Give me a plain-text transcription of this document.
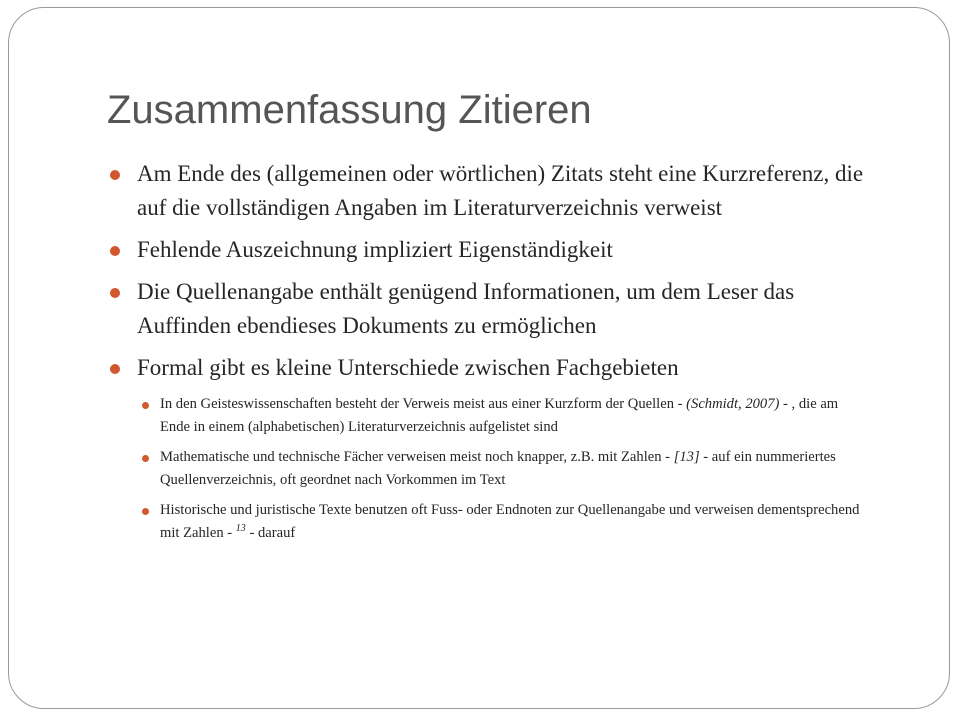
Zusammenfassung Zitieren
Am Ende des (allgemeinen oder wörtlichen) Zitats steht eine Kurzreferenz, die auf die vollständigen Angaben im Literaturverzeichnis verweist
Fehlende Auszeichnung impliziert Eigenständigkeit
Die Quellenangabe enthält genügend Informationen, um dem Leser das Auffinden ebendieses Dokuments zu ermöglichen
Formal gibt es kleine Unterschiede zwischen Fachgebieten
In den Geisteswissenschaften besteht der Verweis meist aus einer Kurzform der Quellen - (Schmidt, 2007) - , die am Ende in einem (alphabetischen) Literaturverzeichnis aufgelistet sind
Mathematische und technische Fächer verweisen meist noch knapper, z.B. mit Zahlen - [13] - auf ein nummeriertes Quellenverzeichnis, oft geordnet nach Vorkommen im Text
Historische und juristische Texte benutzen oft Fuss- oder Endnoten zur Quellenangabe und verweisen dementsprechend mit Zahlen - $^{13}$ - darauf
